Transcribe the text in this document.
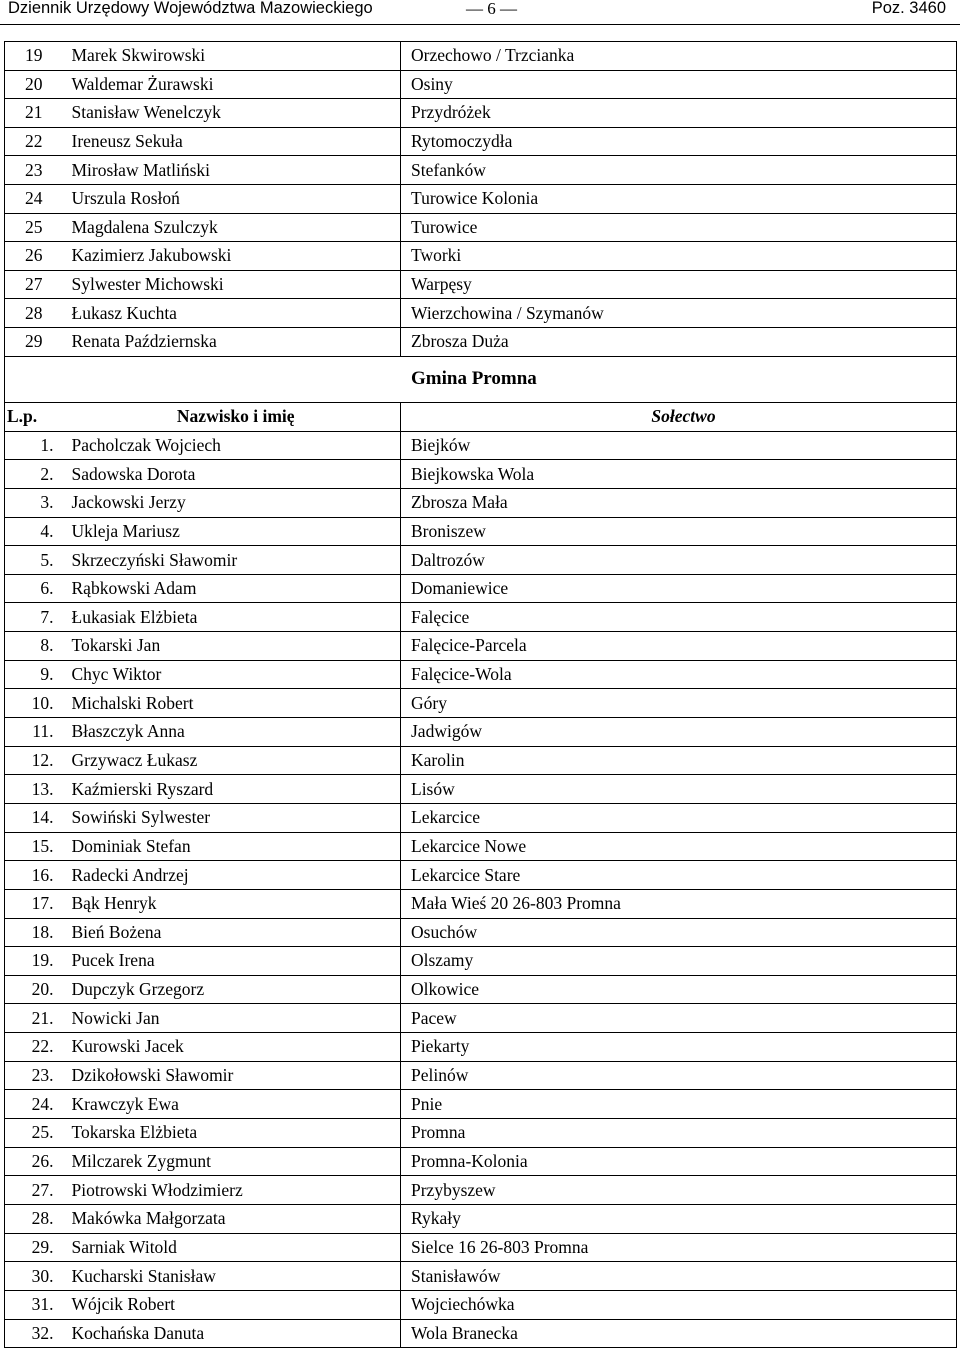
Dziennik Urzędowy Województwa Mazowieckiego	— 6 —	Poz. 3460
19	Marek Skwirowski	Orzechowo / Trzcianka
20	Waldemar Żurawski	Osiny
21	Stanisław Wenelczyk	Przydróżek
22	Ireneusz Sekuła	Rytomoczydła
23	Mirosław Matliński	Stefanków
24	Urszula Rosłoń	Turowice Kolonia
25	Magdalena Szulczyk	Turowice
26	Kazimierz Jakubowski	Tworki
27	Sylwester Michowski	Warpęsy
28	Łukasz Kuchta	Wierzchowina / Szymanów
29	Renata Październska	Zbrosza Duża
Gmina Promna
L.p.	Nazwisko i imię	Sołectwo
1.	Pacholczak Wojciech	Biejków
2.	Sadowska Dorota	Biejkowska Wola
3.	Jackowski Jerzy	Zbrosza Mała
4.	Ukleja Mariusz	Broniszew
5.	Skrzeczyński Sławomir	Daltrozów
6.	Rąbkowski Adam	Domaniewice
7.	Łukasiak Elżbieta	Falęcice
8.	Tokarski Jan	Falęcice-Parcela
9.	Chyc Wiktor	Falęcice-Wola
10.	Michalski Robert	Góry
11.	Błaszczyk Anna	Jadwigów
12.	Grzywacz Łukasz	Karolin
13.	Kaźmierski Ryszard	Lisów
14.	Sowiński Sylwester	Lekarcice
15.	Dominiak Stefan	Lekarcice Nowe
16.	Radecki Andrzej	Lekarcice Stare
17.	Bąk Henryk	Mała Wieś 20 26-803 Promna
18.	Bień Bożena	Osuchów
19.	Pucek Irena	Olszamy
20.	Dupczyk Grzegorz	Olkowice
21.	Nowicki Jan	Pacew
22.	Kurowski Jacek	Piekarty
23.	Dzikołowski Sławomir	Pelinów
24.	Krawczyk Ewa	Pnie
25.	Tokarska Elżbieta	Promna
26.	Milczarek Zygmunt	Promna-Kolonia
27.	Piotrowski Włodzimierz	Przybyszew
28.	Makówka Małgorzata	Rykały
29.	Sarniak Witold	Sielce 16 26-803 Promna
30.	Kucharski Stanisław	Stanisławów
31.	Wójcik Robert	Wojciechówka
32.	Kochańska Danuta	Wola Branecka
